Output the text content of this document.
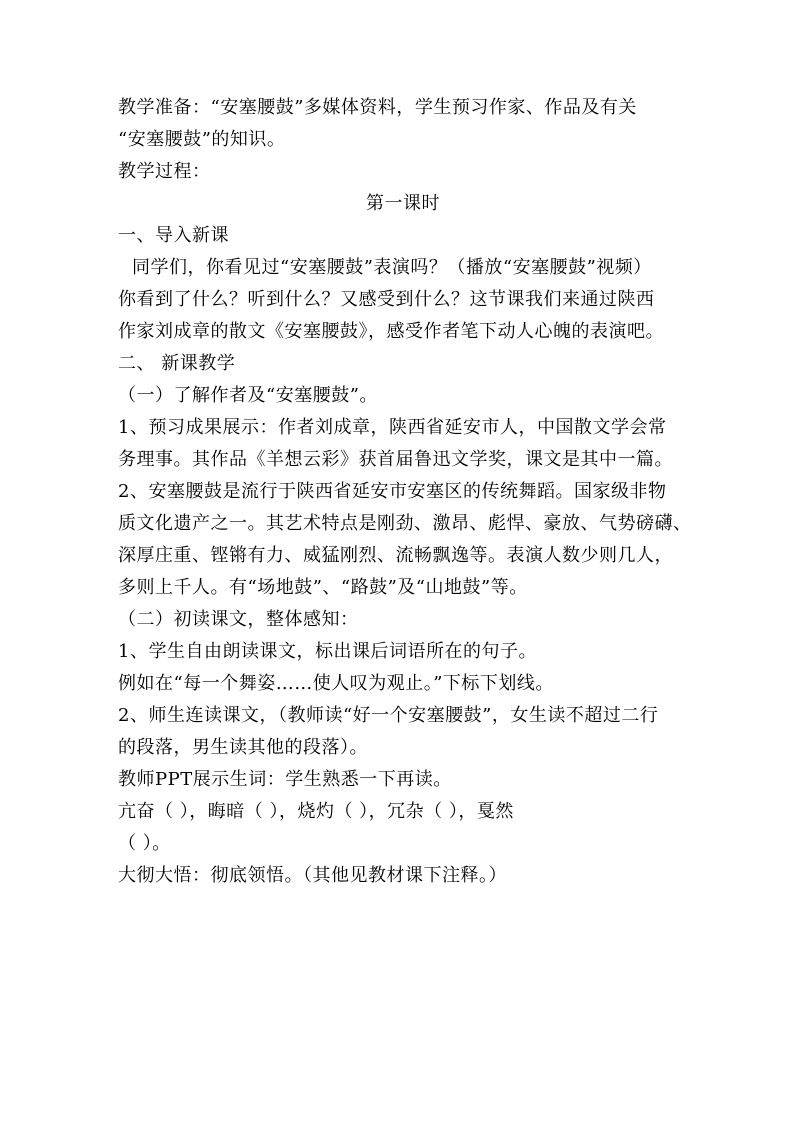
教学准备：“安塞腰鼓”多媒体资料，学生预习作家、作品及有关
“安塞腰鼓”的知识。
教学过程：
第一课时
一、导入新课
同学们，你看见过“安塞腰鼓”表演吗？（播放“安塞腰鼓”视频）
你看到了什么？听到什么？又感受到什么？这节课我们来通过陕西
作家刘成章的散文《安塞腰鼓》，感受作者笔下动人心魄的表演吧。
二、 新课教学
（一）了解作者及“安塞腰鼓”。
1、预习成果展示：作者刘成章，陕西省延安市人，中国散文学会常
务理事。其作品《羊想云彩》获首届鲁迅文学奖，课文是其中一篇。
2、安塞腰鼓是流行于陕西省延安市安塞区的传统舞蹈。国家级非物
质文化遗产之一。其艺术特点是刚劲、激昂、彪悍、豪放、气势磅礴、
深厚庄重、铿锵有力、威猛刚烈、流畅飘逸等。表演人数少则几人，
多则上千人。有“场地鼓”、“路鼓”及“山地鼓”等。
（二）初读课文，整体感知：
1、学生自由朗读课文，标出课后词语所在的句子。
例如在“每一个舞姿……使人叹为观止。”下标下划线。
2、师生连读课文，（教师读“好一个安塞腰鼓”，女生读不超过二行
的段落，男生读其他的段落）。
教师PPT展示生词：学生熟悉一下再读。
亢奋（ ），晦暗（ ），烧灼（ ），冗杂（ ），戛然
（ ）。
大彻大悟：彻底领悟。（其他见教材课下注释。）
